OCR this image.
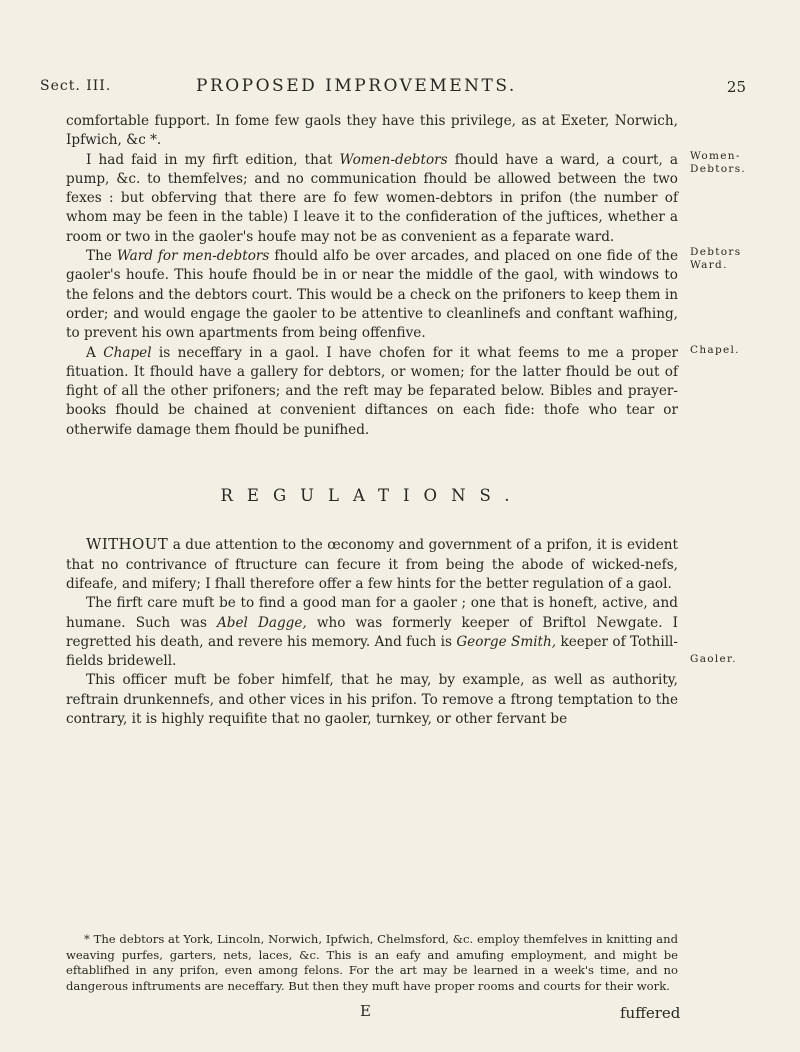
Sect. III.	PROPOSED IMPROVEMENTS.	25
Women-Debtors.
Debtors Ward.
Chapel.
Gaoler.

comfortable fupport. In fome few gaols they have this privilege, as at Exeter, Norwich, Ipfwich, &c *.

I had faid in my firft edition, that Women-debtors fhould have a ward, a court, a pump, &c. to themfelves; and no communication fhould be allowed between the two fexes : but obferving that there are fo few women-debtors in prifon (the number of whom may be feen in the table) I leave it to the confideration of the juftices, whether a room or two in the gaoler's houfe may not be as convenient as a feparate ward.

The Ward for men-debtors fhould alfo be over arcades, and placed on one fide of the gaoler's houfe. This houfe fhould be in or near the middle of the gaol, with windows to the felons and the debtors court. This would be a check on the prifoners to keep them in order; and would engage the gaoler to be attentive to cleanlinefs and conftant wafhing, to prevent his own apartments from being offenfive.

A Chapel is neceffary in a gaol. I have chofen for it what feems to me a proper fituation. It fhould have a gallery for debtors, or women; for the latter fhould be out of fight of all the other prifoners; and the reft may be feparated below. Bibles and prayer-books fhould be chained at convenient diftances on each fide: thofe who tear or otherwife damage them fhould be punifhed.

REGULATIONS.

WITHOUT a due attention to the œconomy and government of a prifon, it is evident that no contrivance of ftructure can fecure it from being the abode of wicked-nefs, difeafe, and mifery; I fhall therefore offer a few hints for the better regulation of a gaol.

The firft care muft be to find a good man for a gaoler ; one that is honeft, active, and humane. Such was Abel Dagge, who was formerly keeper of Briftol Newgate. I regretted his death, and revere his memory. And fuch is George Smith, keeper of Tothill-fields bridewell.

This officer muft be fober himfelf, that he may, by example, as well as authority, reftrain drunkennefs, and other vices in his prifon. To remove a ftrong temptation to the contrary, it is highly requifite that no gaoler, turnkey, or other fervant be

* The debtors at York, Lincoln, Norwich, Ipfwich, Chelmsford, &c. employ themfelves in knitting and weaving purfes, garters, nets, laces, &c. This is an eafy and amufing employment, and might be eftablifhed in any prifon, even among felons. For the art may be learned in a week's time, and no dangerous inftruments are neceffary. But then they muft have proper rooms and courts for their work.

E	fuffered
